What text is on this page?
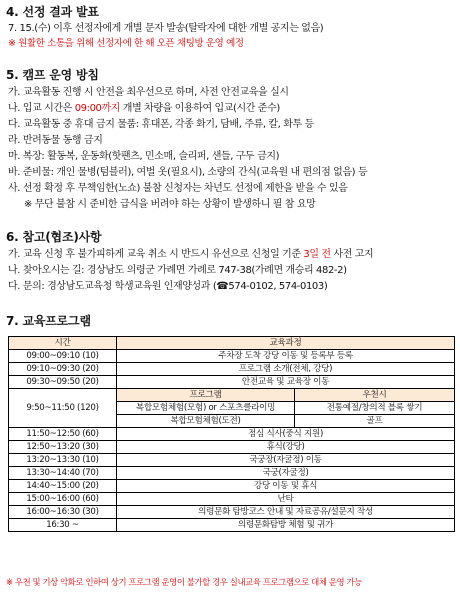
4. 선정 결과 발표
7. 15.(수) 이후 선정자에게 개별 문자 발송(탈락자에 대한 개별 공지는 없음)
※ 원활한 소통을 위해 선정자에 한 해 오픈 채팅방 운영 예정
5. 캠프 운영 방침
가. 교육활동 진행 시 안전을 최우선으로 하며, 사전 안전교육을 실시
나. 입교 시간은 09:00까지 개별 차량을 이용하여 입교(시간 준수)
다. 교육활동 중 휴대 금지 물품: 휴대폰, 각종 화기, 담배, 주류, 칼, 화투 등
라. 반려동물 동행 금지
마. 복장: 활동복, 운동화(핫팬츠, 민소매, 슬리퍼, 샌들, 구두 금지)
바. 준비물: 개인 물병(텀블러), 여벌 옷(필요시), 소량의 간식(교육원 내 편의점 없음) 등
사. 선정 확정 후 무책임한(노쇼) 불참 신청자는 차년도 선정에 제한을 받을 수 있음
※ 무단 불참 시 준비한 급식을 버려야 하는 상황이 발생하니 필 참 요망
6. 참고(협조)사항
가. 교육 신청 후 불가피하게 교육 취소 시 반드시 유선으로 신청일 기준 3일 전 사전 고지
나. 찾아오시는 길: 경상남도 의령군 가례면 가례로 747-38(가례면 개승리 482-2)
다. 문의: 경상남도교육청 학생교육원 인재양성과 (☎574-0102, 574-0103)
7. 교육프로그램
시간	교육과정	
09:00~09:10 (10)	주차장 도착 강당 이동 및 등록부 등록	
09:10~09:30 (20)	프로그램 소개(전체, 강당)	
09:30~09:50 (20)	안전교육 및 교육장 이동	
9:50~11:50 (120)	프로그램	우천시
	복합모험체험(모험) or 스포츠클라이밍	전통예절/창의적 블록 쌓기
	복합모험체험(도전)	골프
11:50~12:50 (60)	점심 식사(중식 지원)	
12:50~13:20 (30)	휴식(강당)	
13:20~13:30 (10)	국궁장(자굴정) 이동	
13:30~14:40 (70)	국궁(자굴정)	
14:40~15:00 (20)	강당 이동 및 휴식	
15:00~16:00 (60)	난타	
16:00~16:30 (30)	의령문화 탐방코스 안내 및 자료공유/설문지 작성	
16:30 ~	의령문화탐방 체험 및 귀가	
※ 우천 및 기상 악화로 인하여 상기 프로그램 운영이 불가할 경우 실내교육 프로그램으로 대체 운영 가능
